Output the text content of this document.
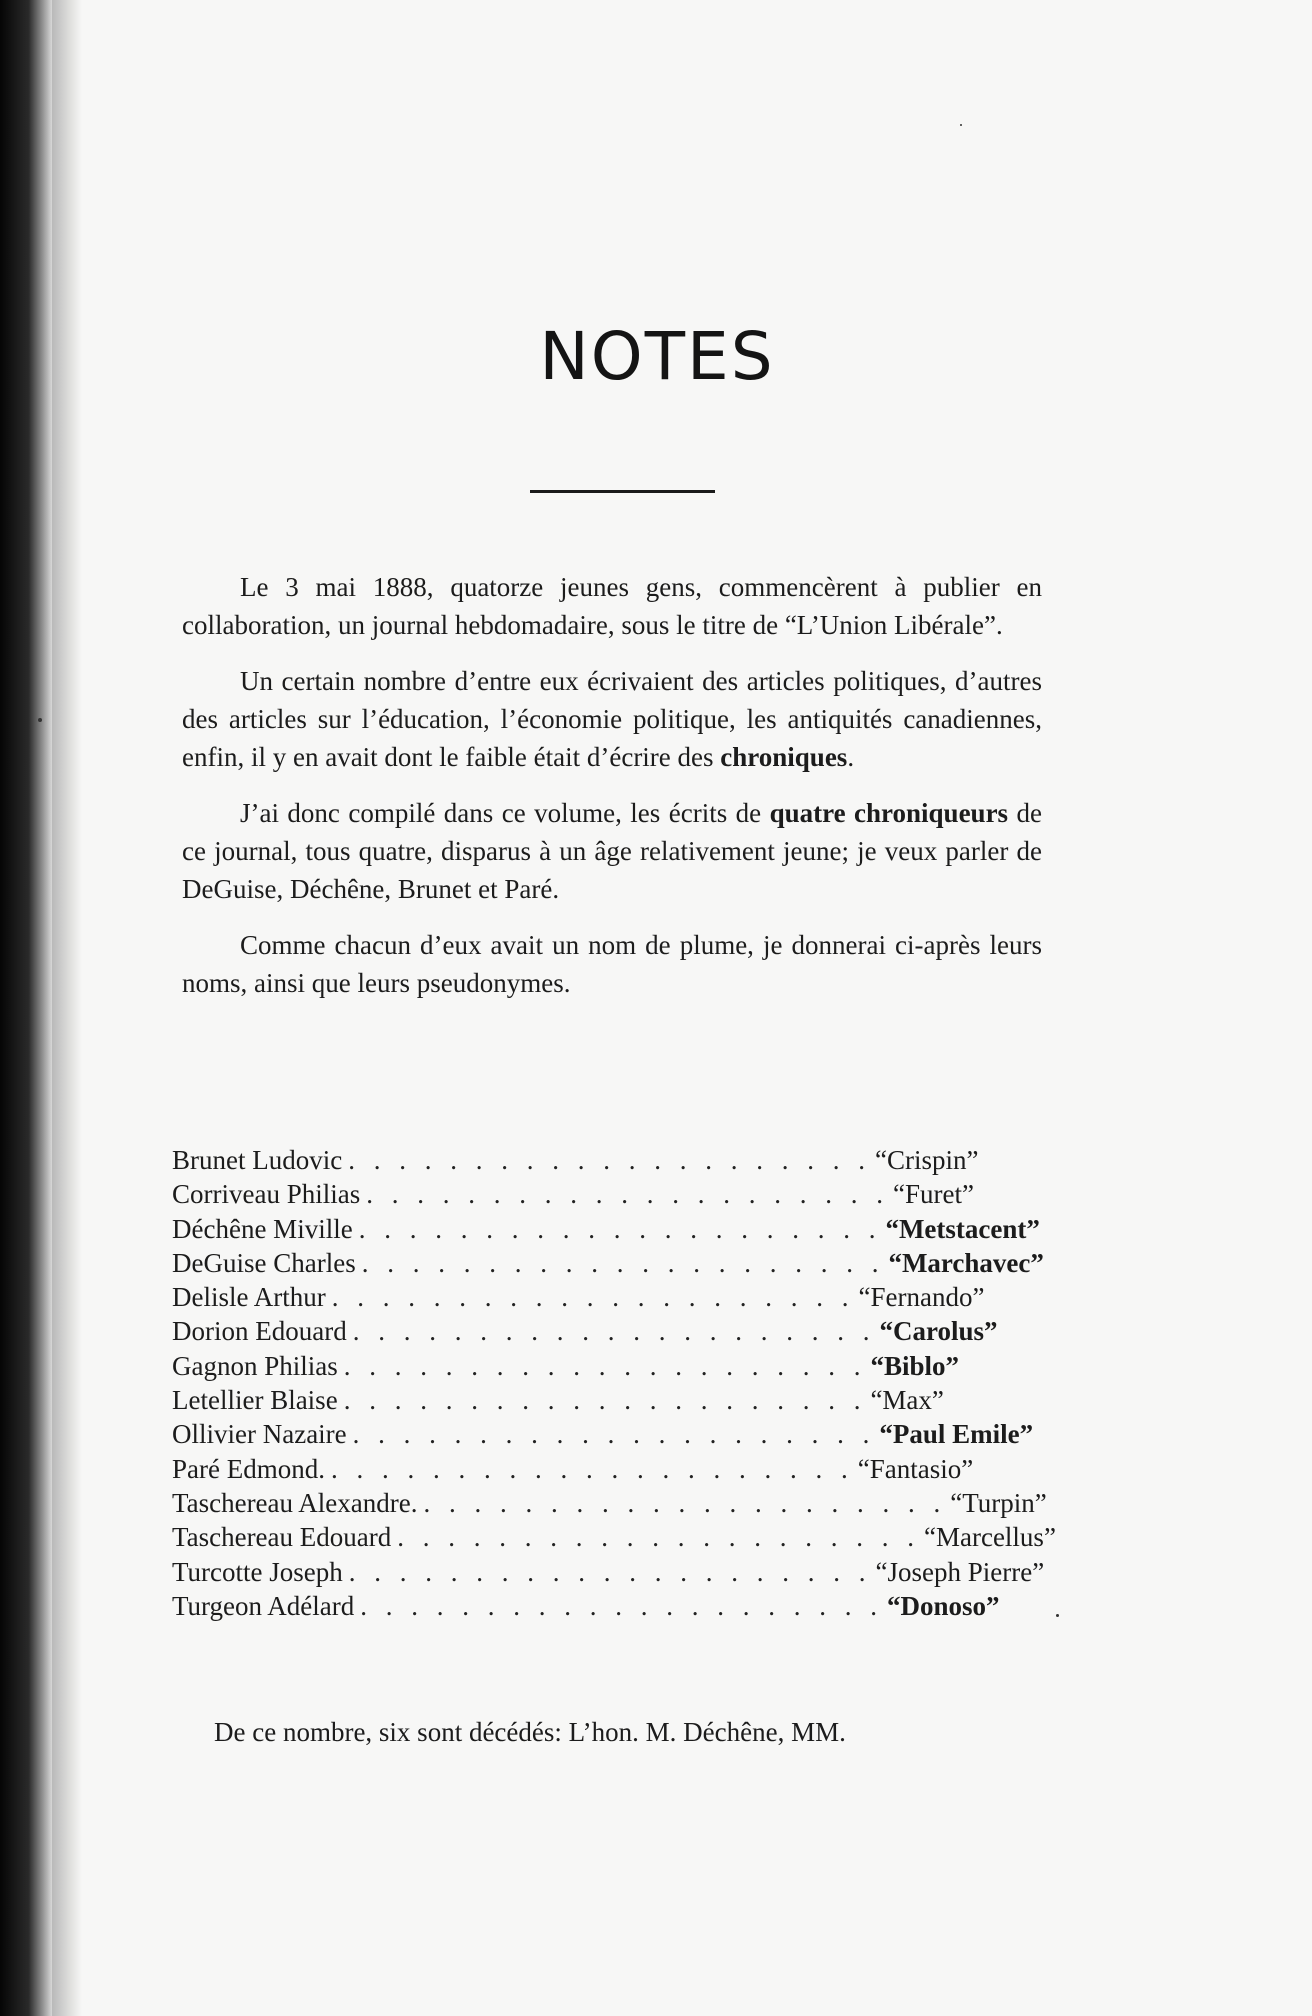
NOTES

Le 3 mai 1888, quatorze jeunes gens, commencèrent à publier en collaboration, un journal hebdomadaire, sous le titre de “L’Union Libérale”.

Un certain nombre d’entre eux écrivaient des articles politiques, d’autres des articles sur l’éducation, l’économie politique, les antiquités canadiennes, enfin, il y en avait dont le faible était d’écrire des chroniques.

J’ai donc compilé dans ce volume, les écrits de quatre chroniqueurs de ce journal, tous quatre, disparus à un âge relativement jeune; je veux parler de DeGuise, Déchêne, Brunet et Paré.

Comme chacun d’eux avait un nom de plume, je donnerai ci-après leurs noms, ainsi que leurs pseudonymes.

Brunet Ludovic . . . . . . . . . . . . . . . . . . . . . “Crispin”
Corriveau Philias . . . . . . . . . . . . . . . . . . . . . “Furet”
Déchêne Miville . . . . . . . . . . . . . . . . . . . . . “Metstacent”
DeGuise Charles . . . . . . . . . . . . . . . . . . . . . “Marchavec”
Delisle Arthur . . . . . . . . . . . . . . . . . . . . . “Fernando”
Dorion Edouard . . . . . . . . . . . . . . . . . . . . . “Carolus”
Gagnon Philias . . . . . . . . . . . . . . . . . . . . . “Biblo”
Letellier Blaise . . . . . . . . . . . . . . . . . . . . . “Max”
Ollivier Nazaire . . . . . . . . . . . . . . . . . . . . . “Paul Emile”
Paré Edmond. . . . . . . . . . . . . . . . . . . . . . “Fantasio”
Taschereau Alexandre. . . . . . . . . . . . . . . . . . . . . . “Turpin”
Taschereau Edouard . . . . . . . . . . . . . . . . . . . . . “Marcellus”
Turcotte Joseph . . . . . . . . . . . . . . . . . . . . . “Joseph Pierre”
Turgeon Adélard . . . . . . . . . . . . . . . . . . . . . “Donoso”
De ce nombre, six sont décédés: L’hon. M. Déchêne, MM.
